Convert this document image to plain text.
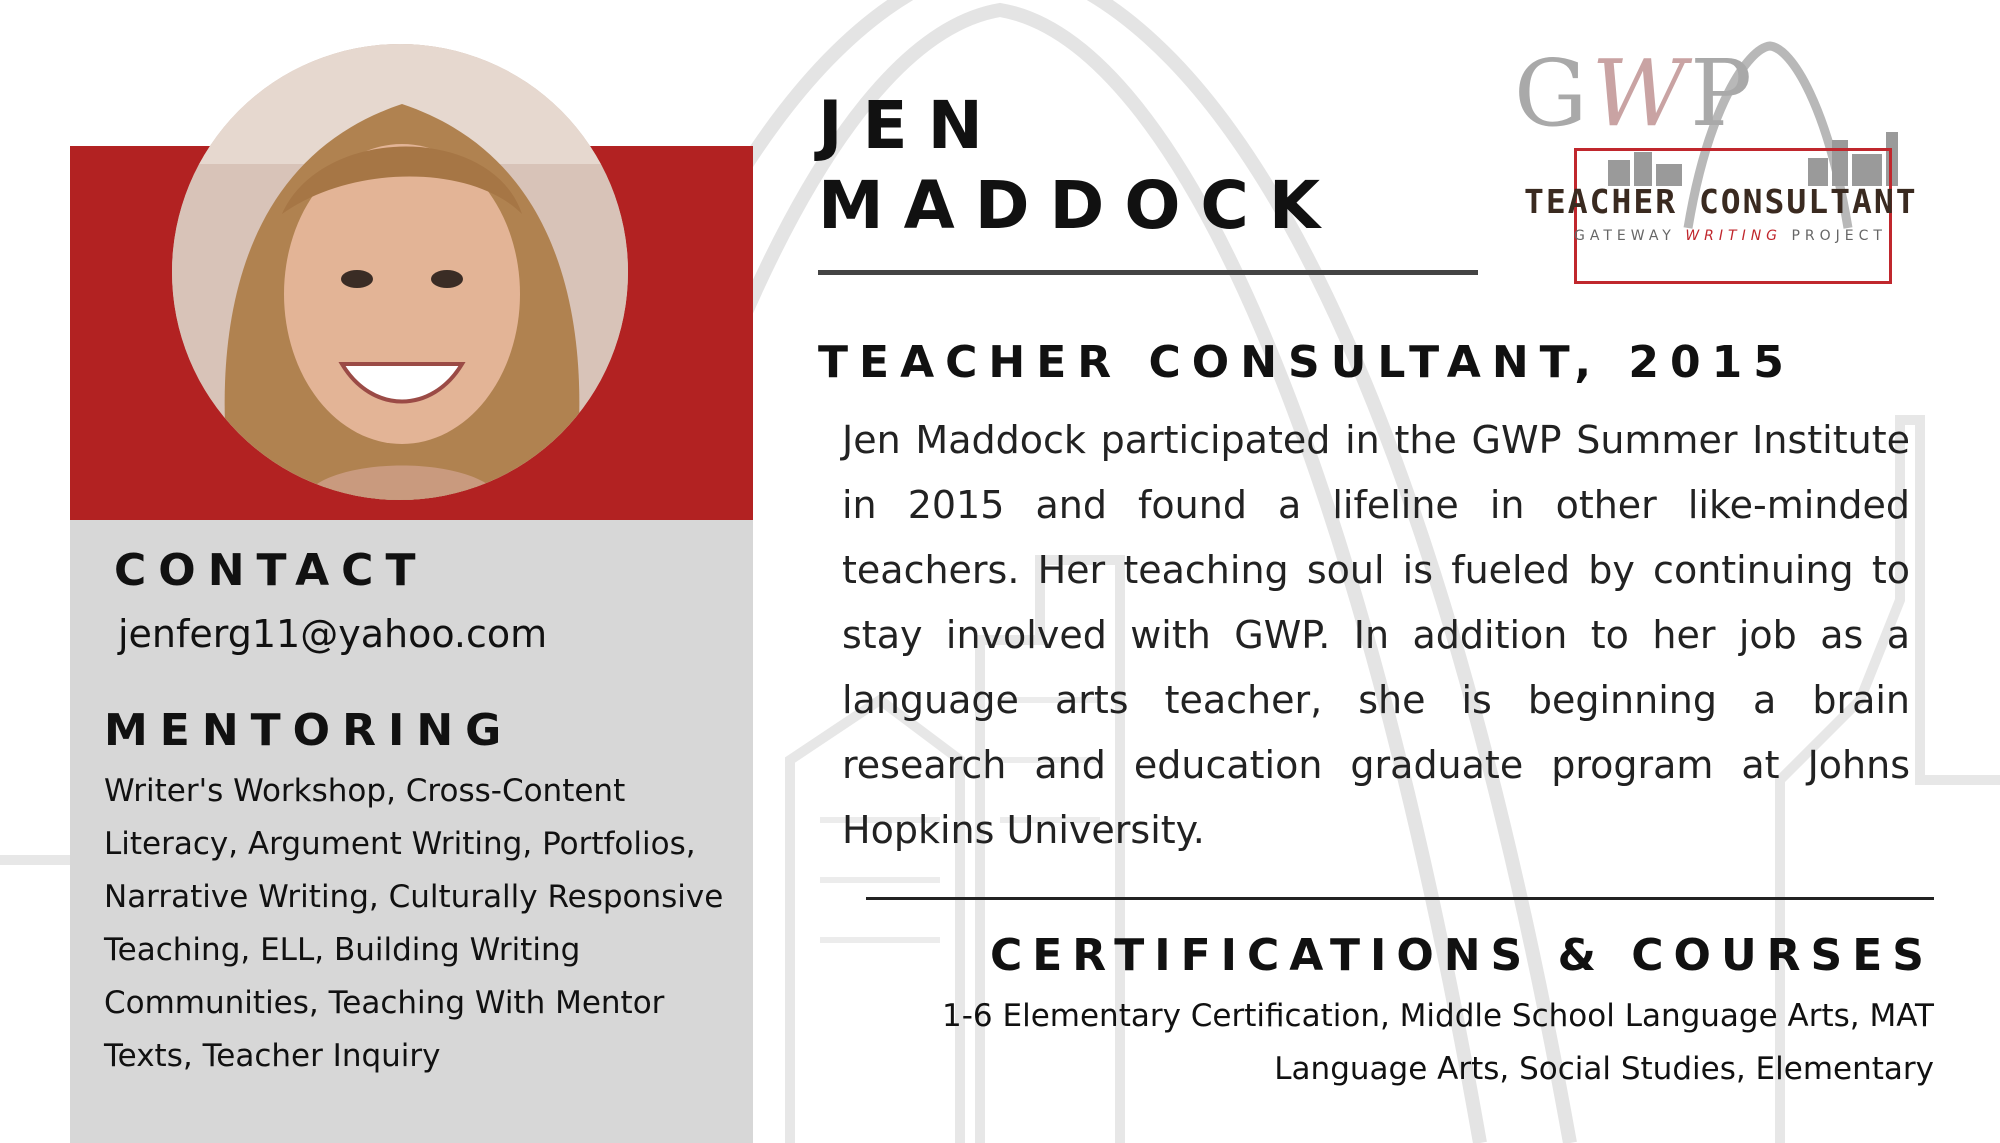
CONTACT
jenferg11@yahoo.com
MENTORING
Writer's Workshop , Cross-Content Literacy , Argument Writing , Portfolios , Narrative Writing , Culturally Responsive Teaching , ELL , Building Writing Communities , Teaching With Mentor Texts , Teacher Inquiry
JEN
MADDOCK
TEACHER CONSULTANT, 2015

Jen Maddock participated in the GWP Summer Institute in 2015 and found a lifeline in other like-minded teachers. Her teaching soul is fueled by continuing to stay involved with GWP. In addition to her job as a language arts teacher, she is beginning a brain research and education graduate program at Johns Hopkins University.

CERTIFICATIONS & COURSES

1-6 Elementary Certification, Middle School Language Arts, MAT Language Arts, Social Studies, Elementary

GWP
TEACHER CONSULTANT
GATEWAY WRITING PROJECT
